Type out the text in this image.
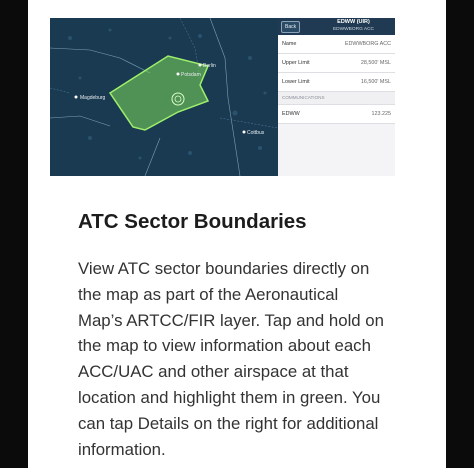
Berlin
Potsdam
Magdeburg
Cottbus
Back
EDWW (UIR)
EDWWBORG ACC
Name	EDWWBORG ACC
Upper Limit	28,500' MSL
Lower Limit	16,500' MSL
COMMUNICATIONS
EDWW	123.225
ATC Sector Boundaries

View ATC sector boundaries directly on
the map as part of the Aeronautical
Map’s ARTCC/FIR layer. Tap and hold on
the map to view information about each
ACC/UAC and other airspace at that
location and highlight them in green. You
can tap Details on the right for additional
information.
